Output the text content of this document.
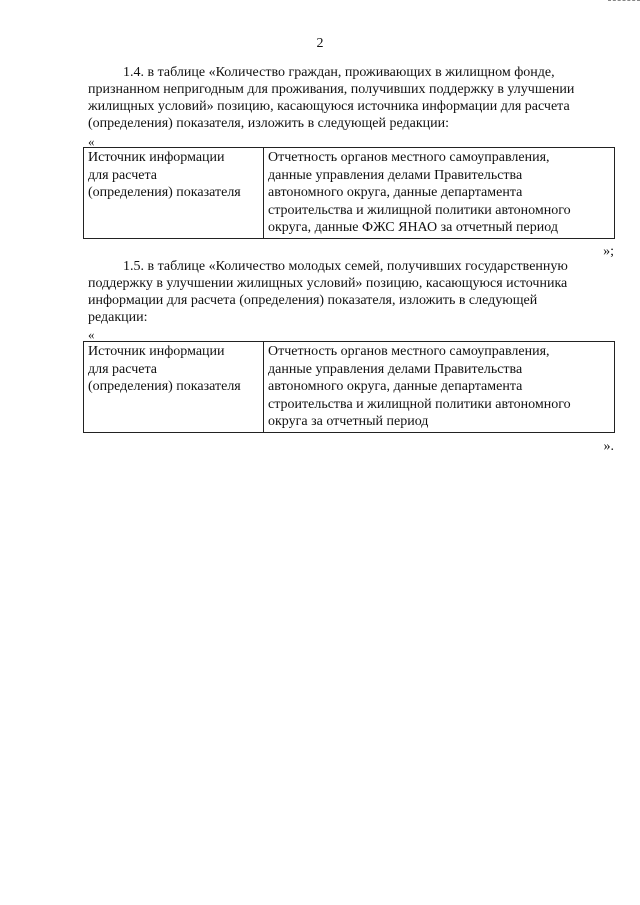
2

1.4. в таблице «Количество граждан, проживающих в жилищном фонде,
признанном непригодным для проживания, получивших поддержку в улучшении
жилищных условий» позицию, касающуюся источника информации для расчета
(определения) показателя, изложить в следующей редакции:

«
Источник информации
для расчета
(определения) показателя

Отчетность органов местного самоуправления,
данные управления делами Правительства
автономного округа, данные департамента
строительства и жилищной политики автономного
округа, данные ФЖС ЯНАО за отчетный период
»;

1.5. в таблице «Количество молодых семей, получивших государственную
поддержку в улучшении жилищных условий» позицию, касающуюся источника
информации для расчета (определения) показателя, изложить в следующей
редакции:

«
Источник информации
для расчета
(определения) показателя

Отчетность органов местного самоуправления,
данные управления делами Правительства
автономного округа, данные департамента
строительства и жилищной политики автономного
округа за отчетный период
».
